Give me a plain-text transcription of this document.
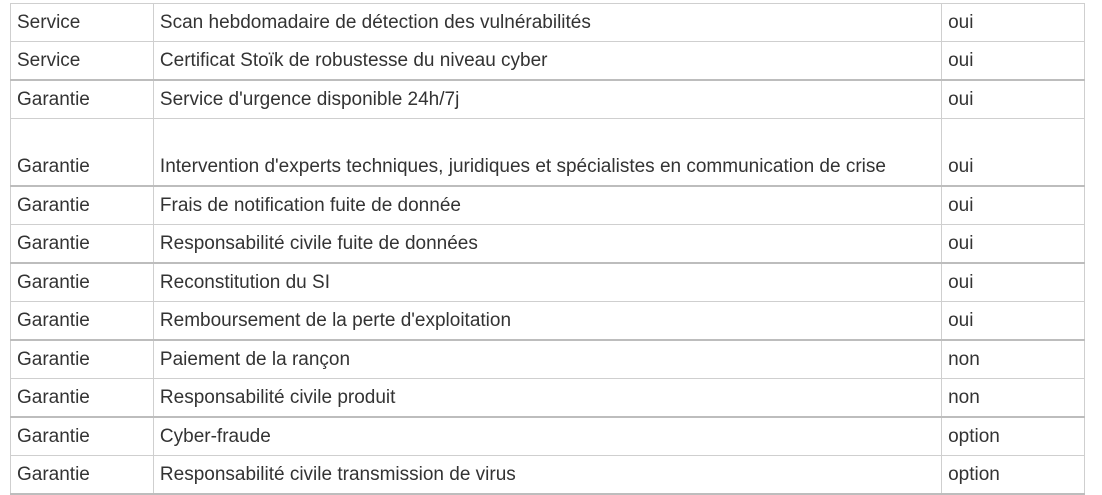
Service	Scan hebdomadaire de détection des vulnérabilités	oui
Service	Certificat Stoïk de robustesse du niveau cyber	oui
Garantie	Service d'urgence disponible 24h/7j	oui
Garantie	Intervention d'experts techniques, juridiques et spécialistes en communication de crise	oui
Garantie	Frais de notification fuite de donnée	oui
Garantie	Responsabilité civile fuite de données	oui
Garantie	Reconstitution du SI	oui
Garantie	Remboursement de la perte d'exploitation	oui
Garantie	Paiement de la rançon	non
Garantie	Responsabilité civile produit	non
Garantie	Cyber-fraude	option
Garantie	Responsabilité civile transmission de virus	option
